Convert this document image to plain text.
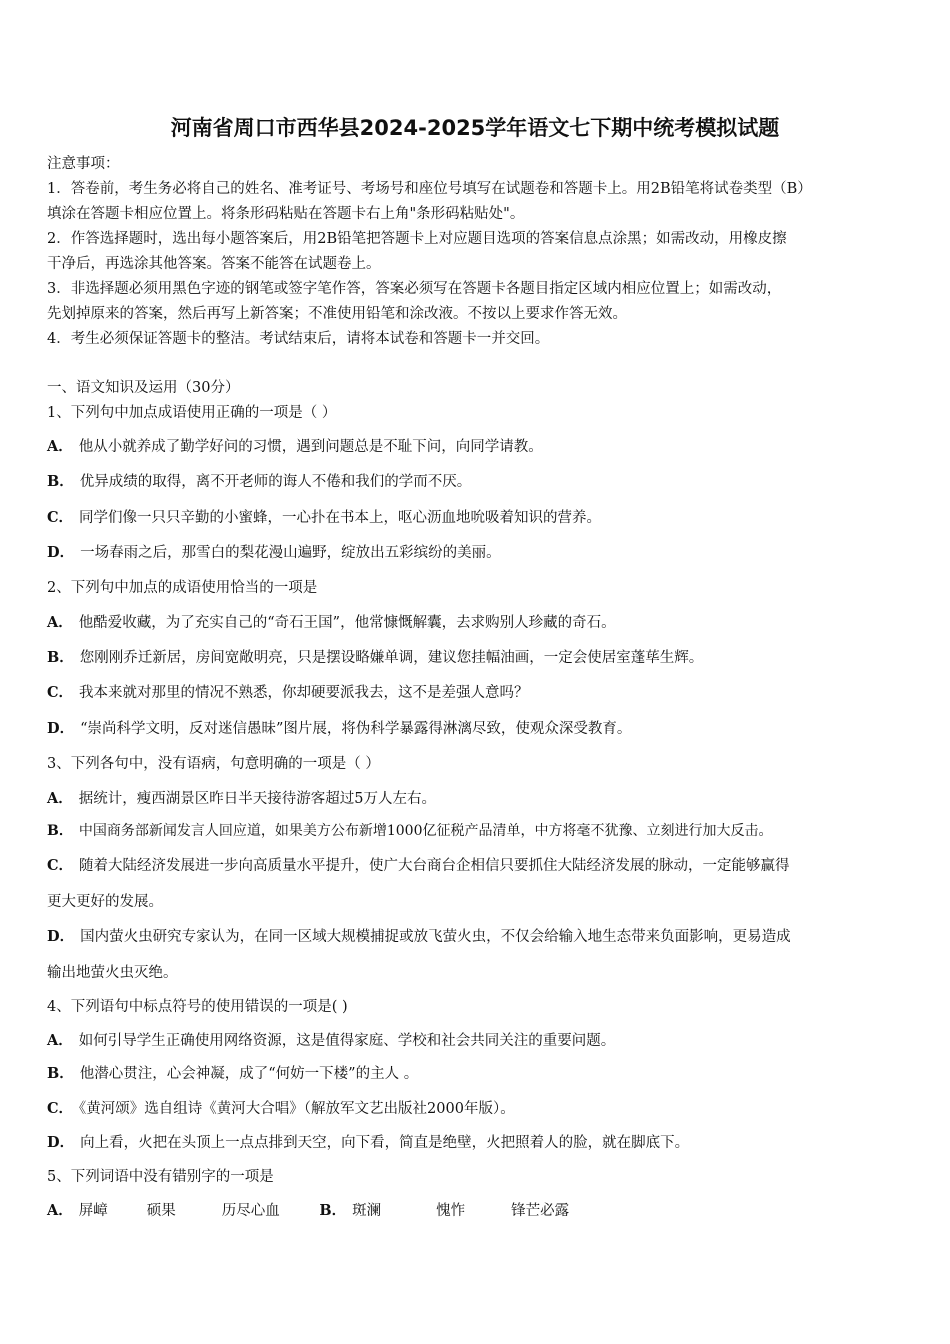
河南省周口市西华县2024-2025学年语文七下期中统考模拟试题
注意事项：
1．答卷前，考生务必将自己的姓名、准考证号、考场号和座位号填写在试题卷和答题卡上。用2B铅笔将试卷类型（B）
填涂在答题卡相应位置上。将条形码粘贴在答题卡右上角"条形码粘贴处"。
2．作答选择题时，选出每小题答案后，用2B铅笔把答题卡上对应题目选项的答案信息点涂黑；如需改动，用橡皮擦
干净后，再选涂其他答案。答案不能答在试题卷上。
3．非选择题必须用黑色字迹的钢笔或签字笔作答，答案必须写在答题卡各题目指定区域内相应位置上；如需改动，
先划掉原来的答案，然后再写上新答案；不准使用铅笔和涂改液。不按以上要求作答无效。
4．考生必须保证答题卡的整洁。考试结束后，请将本试卷和答题卡一并交回。
一、语文知识及运用（30分）
1、下列句中加点成语使用正确的一项是（ ）
A． 他从小就养成了勤学好问的习惯，遇到问题总是不耻下问，向同学请教。
B． 优异成绩的取得，离不开老师的诲人不倦和我们的学而不厌。
C． 同学们像一只只辛勤的小蜜蜂，一心扑在书本上，呕心沥血地吮吸着知识的营养。
D． 一场春雨之后，那雪白的梨花漫山遍野，绽放出五彩缤纷的美丽。
2、下列句中加点的成语使用恰当的一项是
A． 他酷爱收藏，为了充实自己的“奇石王国”，他常慷慨解囊，去求购别人珍藏的奇石。
B． 您刚刚乔迁新居，房间宽敞明亮，只是摆设略嫌单调，建议您挂幅油画，一定会使居室蓬荜生辉。
C． 我本来就对那里的情况不熟悉，你却硬要派我去，这不是差强人意吗？
D． “崇尚科学文明，反对迷信愚昧”图片展，将伪科学暴露得淋漓尽致，使观众深受教育。
3、下列各句中，没有语病，句意明确的一项是（ ）
A． 据统计，瘦西湖景区昨日半天接待游客超过5万人左右。
B． 中国商务部新闻发言人回应道，如果美方公布新增1000亿征税产品清单，中方将毫不犹豫、立刻进行加大反击。
C． 随着大陆经济发展进一步向高质量水平提升，使广大台商台企相信只要抓住大陆经济发展的脉动，一定能够赢得
更大更好的发展。
D． 国内萤火虫研究专家认为，在同一区域大规模捕捉或放飞萤火虫，不仅会给输入地生态带来负面影响，更易造成
输出地萤火虫灭绝。
4、下列语句中标点符号的使用错误的一项是( )
A． 如何引导学生正确使用网络资源，这是值得家庭、学校和社会共同关注的重要问题。
B． 他潜心贯注，心会神凝，成了“何妨一下楼”的主人 。
C． 《黄河颂》选自组诗《黄河大合唱》（解放军文艺出版社2000年版）。
D． 向上看，火把在头顶上一点点排到天空，向下看，简直是绝壁，火把照着人的脸，就在脚底下。
5、下列词语中没有错别字的一项是
A． 屏嶂	硕果	历尽心血	B． 斑澜	愧怍	锋芒必露
